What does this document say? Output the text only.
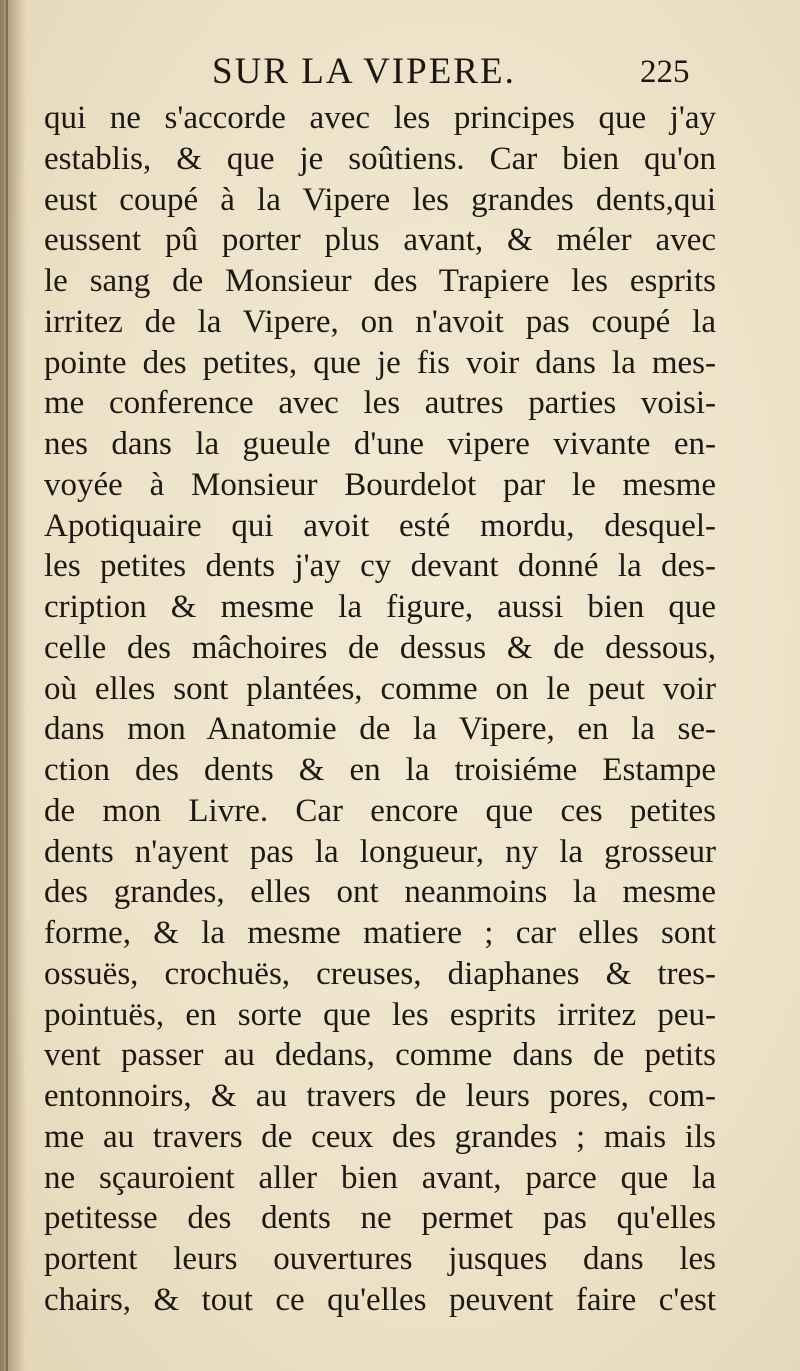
SUR LA VIPERE.	225
qui ne s'accorde avec les principes que j'ay
establis, & que je soûtiens. Car bien qu'on
eust coupé à la Vipere les grandes dents,qui
eussent pû porter plus avant, & méler avec
le sang de Monsieur des Trapiere les esprits
irritez de la Vipere, on n'avoit pas coupé la
pointe des petites, que je fis voir dans la mes-
me conference avec les autres parties voisi-
nes dans la gueule d'une vipere vivante en-
voyée à Monsieur Bourdelot par le mesme
Apotiquaire qui avoit esté mordu, desquel-
les petites dents j'ay cy devant donné la des-
cription & mesme la figure, aussi bien que
celle des mâchoires de dessus & de dessous,
où elles sont plantées, comme on le peut voir
dans mon Anatomie de la Vipere, en la se-
ction des dents & en la troisiéme Estampe
de mon Livre. Car encore que ces petites
dents n'ayent pas la longueur, ny la grosseur
des grandes, elles ont neanmoins la mesme
forme, & la mesme matiere ; car elles sont
ossuës, crochuës, creuses, diaphanes & tres-
pointuës, en sorte que les esprits irritez peu-
vent passer au dedans, comme dans de petits
entonnoirs, & au travers de leurs pores, com-
me au travers de ceux des grandes ; mais ils
ne sçauroient aller bien avant, parce que la
petitesse des dents ne permet pas qu'elles
portent leurs ouvertures jusques dans les
chairs, & tout ce qu'elles peuvent faire c'est
